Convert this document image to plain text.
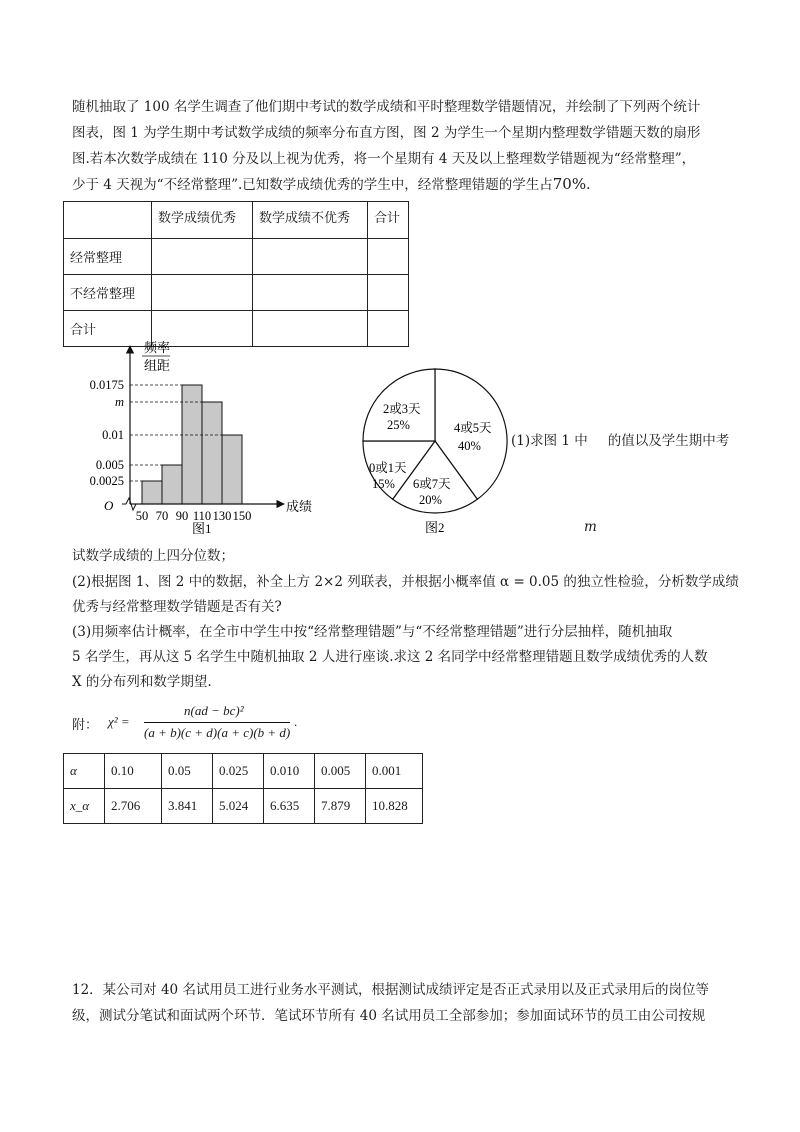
随机抽取了 100 名学生调查了他们期中考试的数学成绩和平时整理数学错题情况，并绘制了下列两个统计
图表，图 1 为学生期中考试数学成绩的频率分布直方图，图 2 为学生一个星期内整理数学错题天数的扇形
图.若本次数学成绩在 110 分及以上视为优秀，将一个星期有 4 天及以上整理数学错题视为“经常整理”，
少于 4 天视为“不经常整理”.已知数学成绩优秀的学生中，经常整理错题的学生占70%.
	数学成绩优秀	数学成绩不优秀	合计
经常整理			
不经常整理			
合计			
0.0175
m
0.01
0.005
0.0025
50 70 90 110 130 150
频率
组距
O	成绩
图1
4或5天
40%
6或7天
20%
0或1天
15%
2或3天
25%
图2
(1)求图 1 中 的值以及学生期中考
m
试数学成绩的上四分位数；
(2)根据图 1、图 2 中的数据，补全上方 2×2 列联表，并根据小概率值 α = 0.05 的独立性检验，分析数学成绩
优秀与经常整理数学错题是否有关?
(3)用频率估计概率，在全市中学生中按“经常整理错题”与“不经常整理错题”进行分层抽样，随机抽取
5 名学生，再从这 5 名学生中随机抽取 2 人进行座谈.求这 2 名同学中经常整理错题且数学成绩优秀的人数
X 的分布列和数学期望.
附： χ² =
n(ad − bc)²
(a + b)(c + d)(a + c)(b + d)
.
α	0.10	0.05	0.025	0.010	0.005	0.001
x_α	2.706	3.841	5.024	6.635	7.879	10.828
12．某公司对 40 名试用员工进行业务水平测试，根据测试成绩评定是否正式录用以及正式录用后的岗位等
级，测试分笔试和面试两个环节．笔试环节所有 40 名试用员工全部参加；参加面试环节的员工由公司按规
